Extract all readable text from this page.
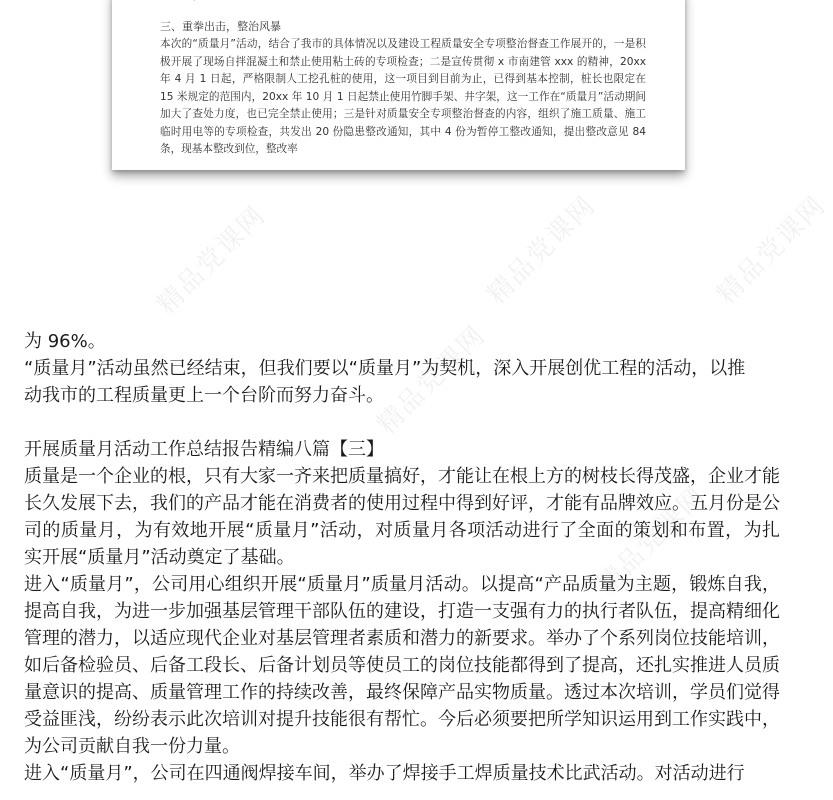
三、重拳出击，整治风暴
本次的“质量月”活动，结合了我市的具体情况以及建设工程质量安全专项整治督查工作展开的，一是积极开展了现场自拌混凝土和禁止使用粘土砖的专项检查；二是宣传贯彻 x 市南建管 xxx 的精神，20xx 年 4 月 1 日起，严格限制人工挖孔桩的使用，这一项目到目前为止，已得到基本控制，桩长也限定在 15 米规定的范围内，20xx 年 10 月 1 日起禁止使用竹脚手架、井字架，这一工作在“质量月”活动期间加大了查处力度，也已完全禁止使用；三是针对质量安全专项整治督查的内容，组织了施工质量、施工临时用电等的专项检查，共发出 20 份隐患整改通知，其中 4 份为暂停工整改通知，提出整改意见 84 条，现基本整改到位，整改率
精品党课网	精品党课网	精品党课网
精品党课网
精品党课网
为 96%。
“质量月”活动虽然已经结束，但我们要以“质量月”为契机，深入开展创优工程的活动，以推
动我市的工程质量更上一个台阶而努力奋斗。
开展质量月活动工作总结报告精编八篇【三】
质量是一个企业的根，只有大家一齐来把质量搞好，才能让在根上方的树枝长得茂盛，企业才能长久发展下去，我们的产品才能在消费者的使用过程中得到好评，才能有品牌效应。五月份是公司的质量月，为有效地开展“质量月”活动，对质量月各项活动进行了全面的策划和布置，为扎实开展“质量月”活动奠定了基础。
进入“质量月”，公司用心组织开展“质量月”质量月活动。以提高“产品质量为主题，锻炼自我，提高自我，为进一步加强基层管理干部队伍的建设，打造一支强有力的执行者队伍，提高精细化管理的潜力，以适应现代企业对基层管理者素质和潜力的新要求。举办了个系列岗位技能培训，如后备检验员、后备工段长、后备计划员等使员工的岗位技能都得到了提高，还扎实推进人员质量意识的提高、质量管理工作的持续改善，最终保障产品实物质量。透过本次培训，学员们觉得受益匪浅，纷纷表示此次培训对提升技能很有帮忙。今后必须要把所学知识运用到工作实践中，为公司贡献自我一份力量。
进入“质量月”，公司在四通阀焊接车间，举办了焊接手工焊质量技术比武活动。对活动进行
